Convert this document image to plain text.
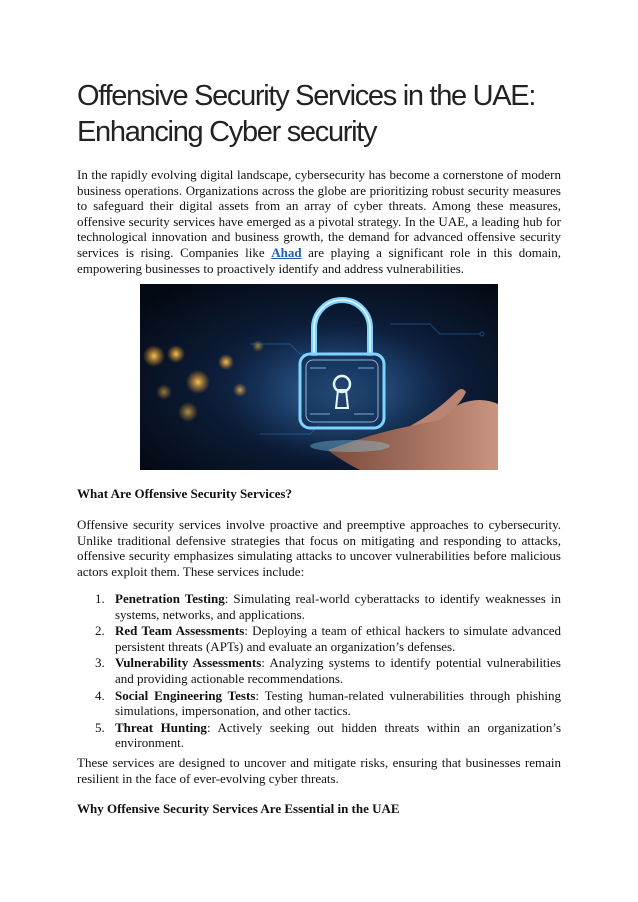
Offensive Security Services in the UAE: Enhancing Cyber security

In the rapidly evolving digital landscape, cybersecurity has become a cornerstone of modern business operations. Organizations across the globe are prioritizing robust security measures to safeguard their digital assets from an array of cyber threats. Among these measures, offensive security services have emerged as a pivotal strategy. In the UAE, a leading hub for technological innovation and business growth, the demand for advanced offensive security services is rising. Companies like Ahad are playing a significant role in this domain, empowering businesses to proactively identify and address vulnerabilities.

What Are Offensive Security Services?

Offensive security services involve proactive and preemptive approaches to cybersecurity. Unlike traditional defensive strategies that focus on mitigating and responding to attacks, offensive security emphasizes simulating attacks to uncover vulnerabilities before malicious actors exploit them. These services include:

1. Penetration Testing: Simulating real-world cyberattacks to identify weaknesses in systems, networks, and applications.
2. Red Team Assessments: Deploying a team of ethical hackers to simulate advanced persistent threats (APTs) and evaluate an organization’s defenses.
3. Vulnerability Assessments: Analyzing systems to identify potential vulnerabilities and providing actionable recommendations.
4. Social Engineering Tests: Testing human-related vulnerabilities through phishing simulations, impersonation, and other tactics.
5. Threat Hunting: Actively seeking out hidden threats within an organization’s environment.

These services are designed to uncover and mitigate risks, ensuring that businesses remain resilient in the face of ever-evolving cyber threats.

Why Offensive Security Services Are Essential in the UAE
